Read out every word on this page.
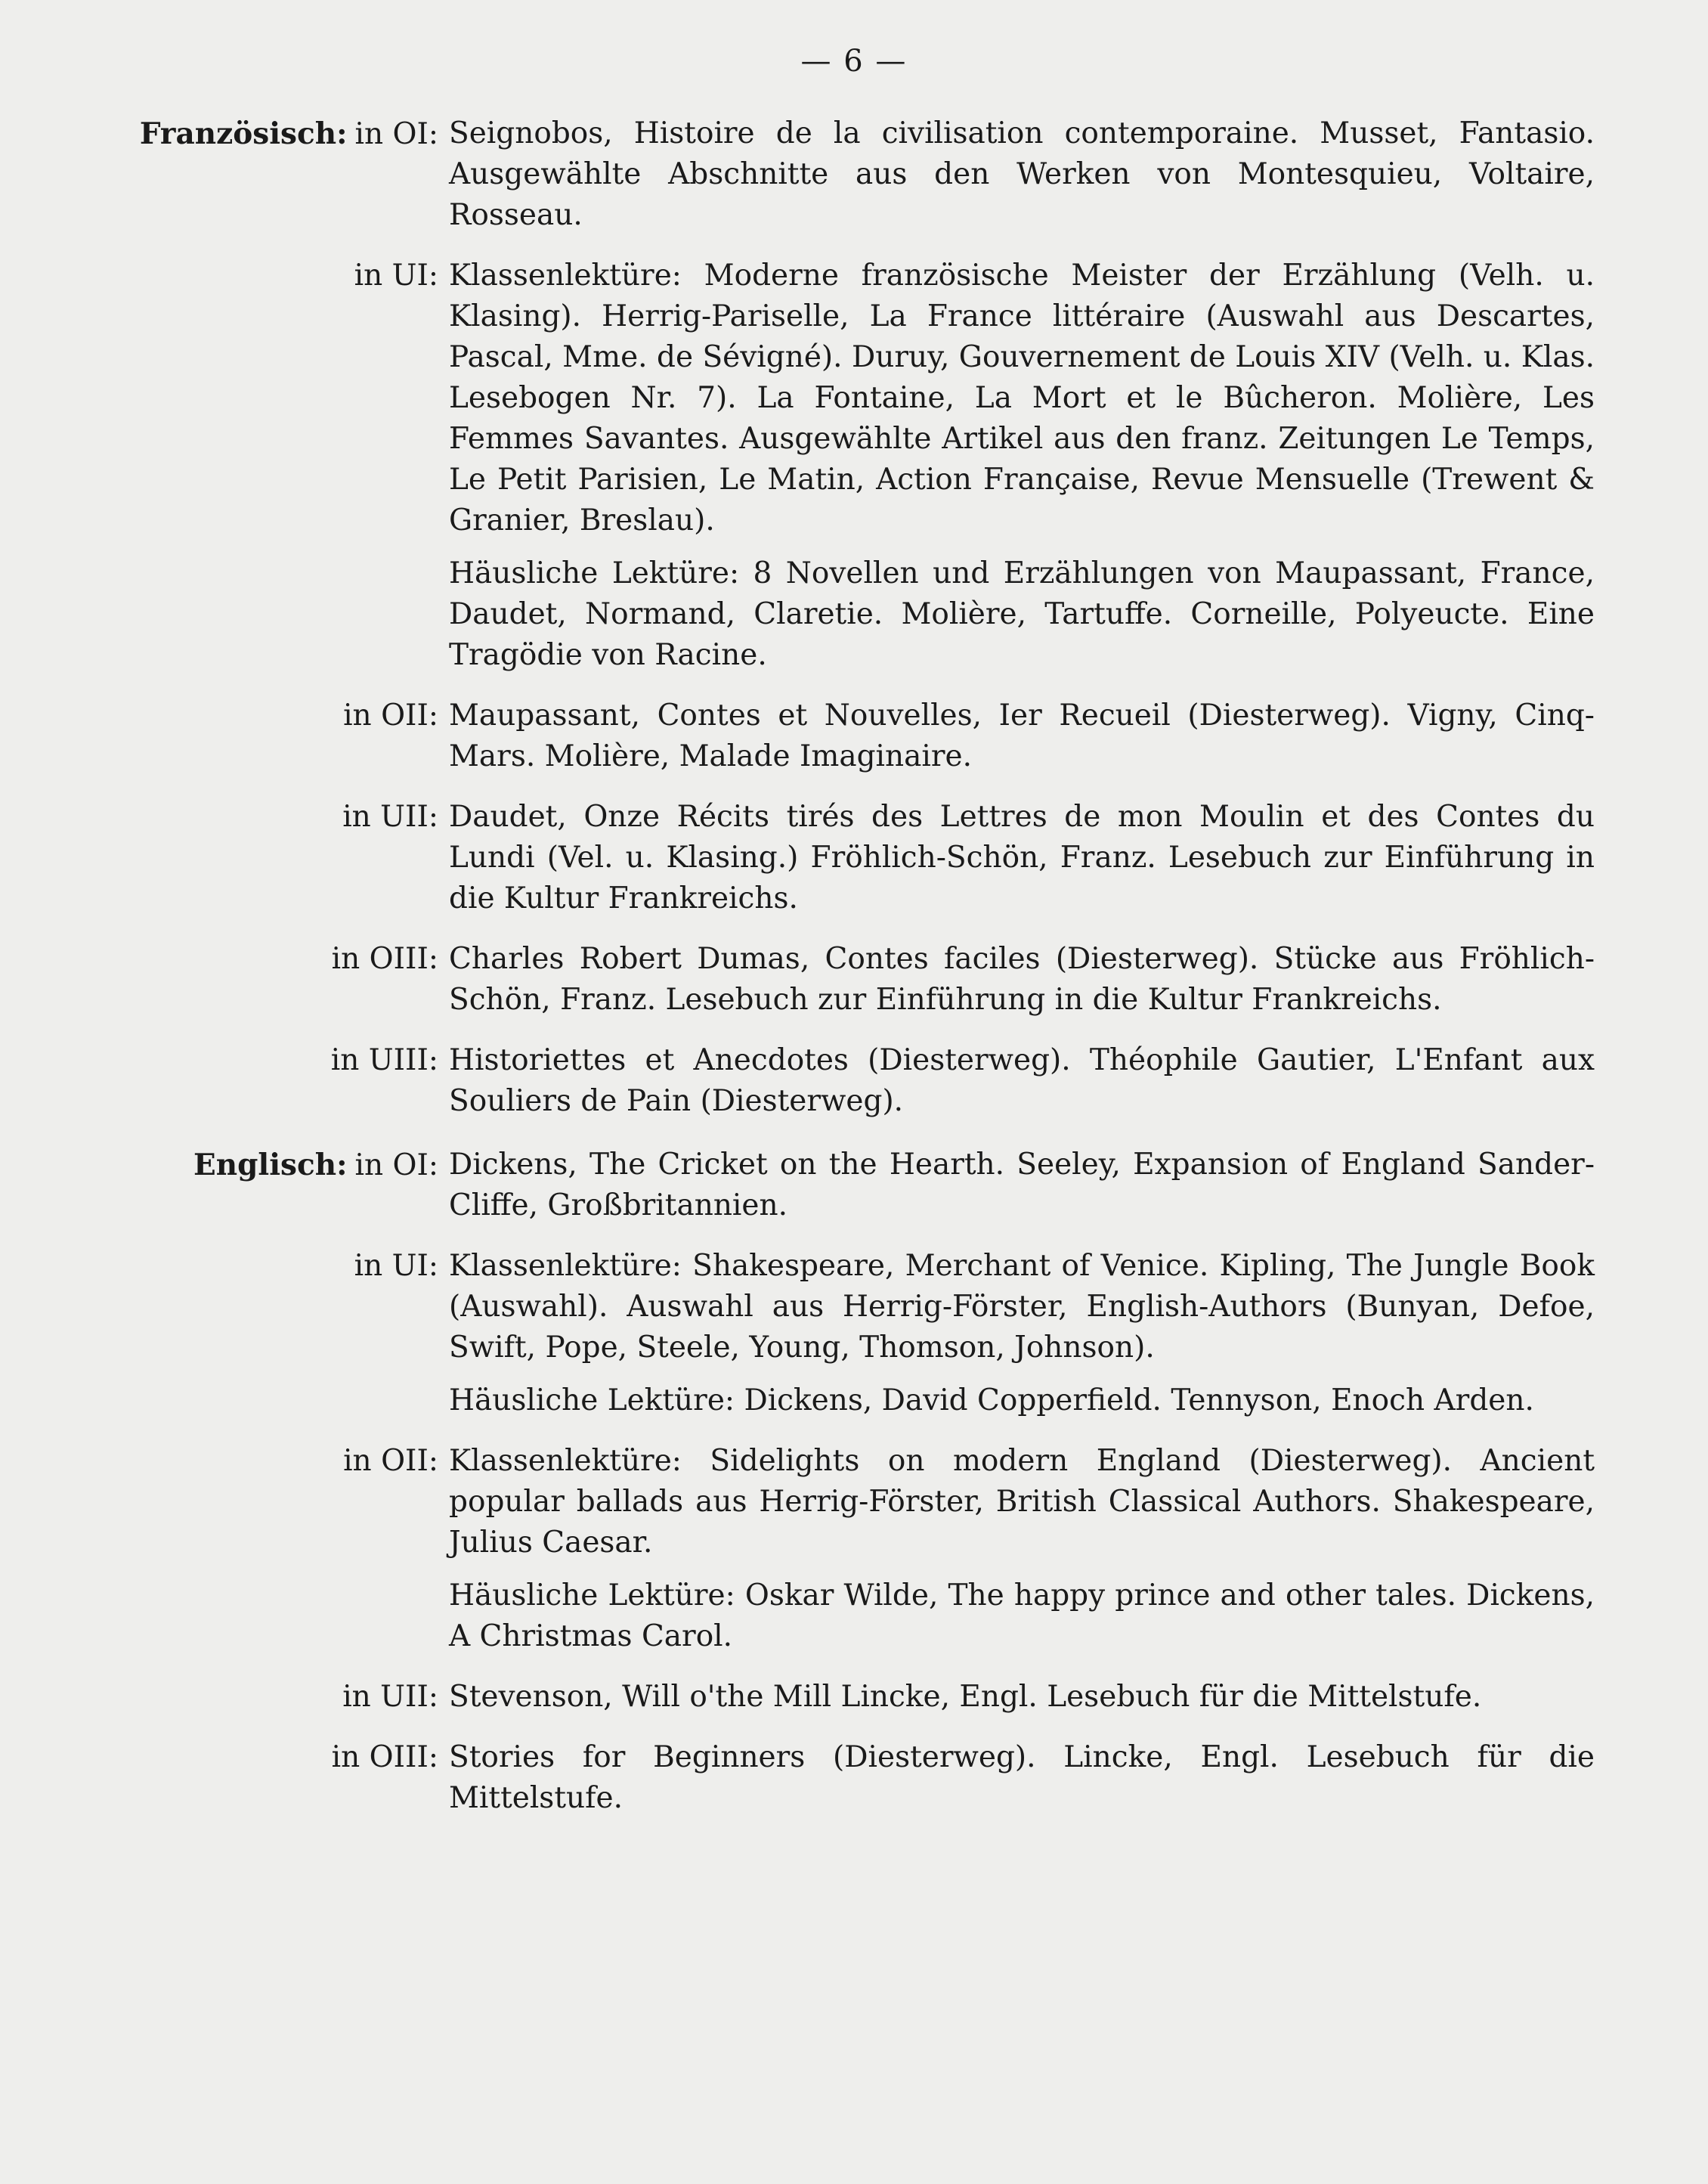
— 6 —
Französisch: in OI: Seignobos, Histoire de la civilisation contemporaine. Musset, Fantasio. Ausgewählte Abschnitte aus den Werken von Montesquieu, Voltaire, Rosseau.
in UI: Klassenlektüre: Moderne französische Meister der Erzählung (Velh. u. Klasing). Herrig-Pariselle, La France littéraire (Auswahl aus Descartes, Pascal, Mme. de Sévigné). Duruy, Gouvernement de Louis XIV (Velh. u. Klas. Lesebogen Nr. 7). La Fontaine, La Mort et le Bûcheron. Molière, Les Femmes Savantes. Ausgewählte Artikel aus den franz. Zeitungen Le Temps, Le Petit Parisien, Le Matin, Action Française, Revue Mensuelle (Trewent & Granier, Breslau).
Häusliche Lektüre: 8 Novellen und Erzählungen von Maupassant, France, Daudet, Normand, Claretie. Molière, Tartuffe. Corneille, Polyeucte. Eine Tragödie von Racine.
in OII: Maupassant, Contes et Nouvelles, Ier Recueil (Diesterweg). Vigny, Cinq-Mars. Molière, Malade Imaginaire.
in UII: Daudet, Onze Récits tirés des Lettres de mon Moulin et des Contes du Lundi (Vel. u. Klasing.) Fröhlich-Schön, Franz. Lesebuch zur Einführung in die Kultur Frankreichs.
in OIII: Charles Robert Dumas, Contes faciles (Diesterweg). Stücke aus Fröhlich-Schön, Franz. Lesebuch zur Einführung in die Kultur Frankreichs.
in UIII: Historiettes et Anecdotes (Diesterweg). Théophile Gautier, L'Enfant aux Souliers de Pain (Diesterweg).
Englisch: in OI: Dickens, The Cricket on the Hearth. Seeley, Expansion of England Sander-Cliffe, Großbritannien.
in UI: Klassenlektüre: Shakespeare, Merchant of Venice. Kipling, The Jungle Book (Auswahl). Auswahl aus Herrig-Förster, English-Authors (Bunyan, Defoe, Swift, Pope, Steele, Young, Thomson, Johnson).
Häusliche Lektüre: Dickens, David Copperfield. Tennyson, Enoch Arden.
in OII: Klassenlektüre: Sidelights on modern England (Diesterweg). Ancient popular ballads aus Herrig-Förster, British Classical Authors. Shakespeare, Julius Caesar.
Häusliche Lektüre: Oskar Wilde, The happy prince and other tales. Dickens, A Christmas Carol.
in UII: Stevenson, Will o'the Mill Lincke, Engl. Lesebuch für die Mittelstufe.
in OIII: Stories for Beginners (Diesterweg). Lincke, Engl. Lesebuch für die Mittelstufe.
